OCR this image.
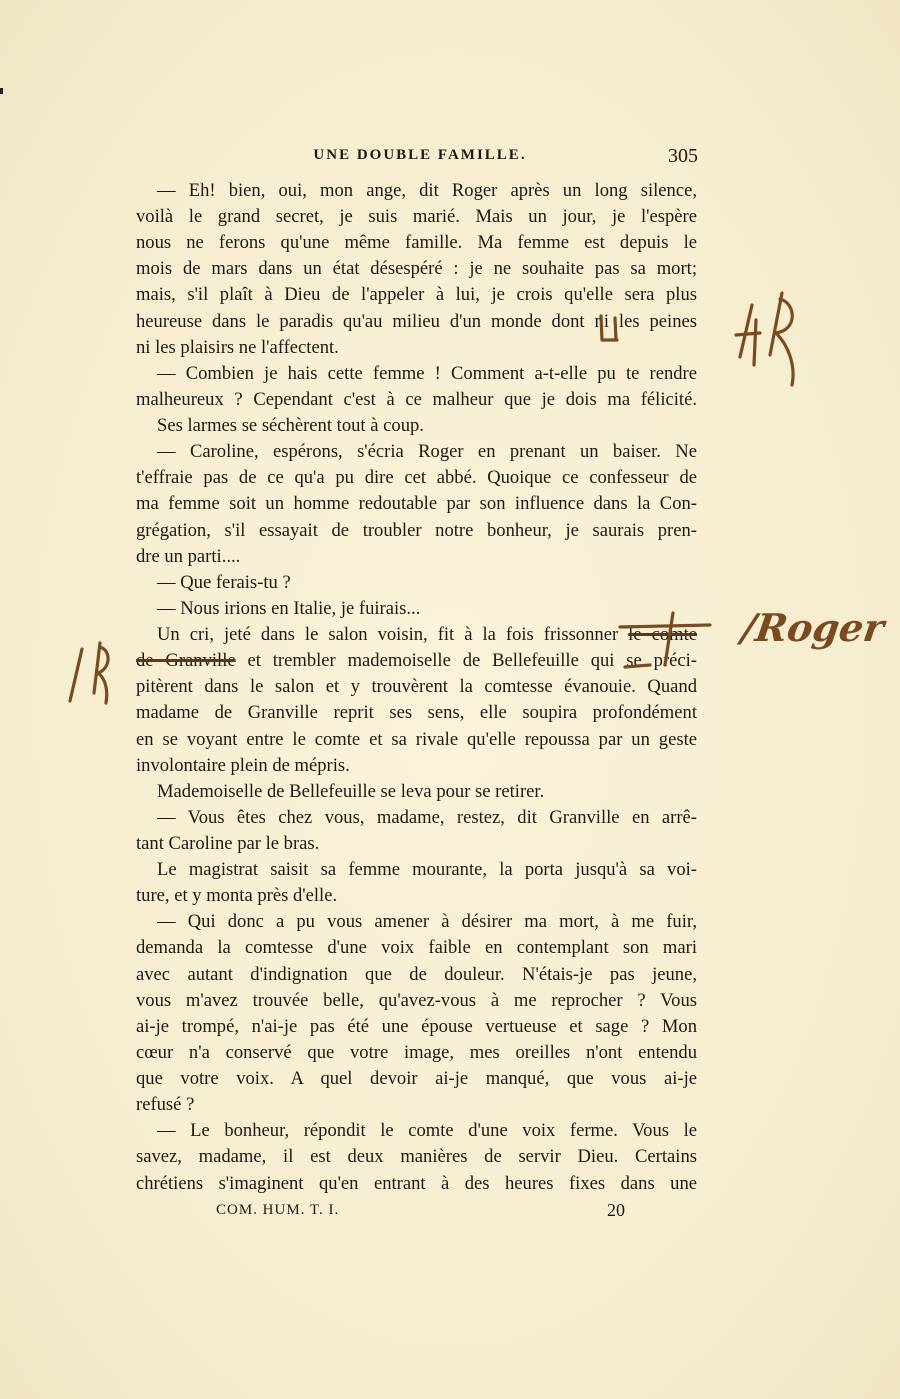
UNE DOUBLE FAMILLE.	305
— Eh! bien, oui, mon ange, dit Roger après un long silence,
voilà le grand secret, je suis marié. Mais un jour, je l'espère
nous ne ferons qu'une même famille. Ma femme est depuis le
mois de mars dans un état désespéré : je ne souhaite pas sa mort;
mais, s'il plaît à Dieu de l'appeler à lui, je crois qu'elle sera plus
heureuse dans le paradis qu'au milieu d'un monde dont ni les peines
ni les plaisirs ne l'affectent.
— Combien je hais cette femme ! Comment a-t-elle pu te rendre
malheureux ? Cependant c'est à ce malheur que je dois ma félicité.
Ses larmes se séchèrent tout à coup.
— Caroline, espérons, s'écria Roger en prenant un baiser. Ne
t'effraie pas de ce qu'a pu dire cet abbé. Quoique ce confesseur de
ma femme soit un homme redoutable par son influence dans la Con-
grégation, s'il essayait de troubler notre bonheur, je saurais pren-
dre un parti....
— Que ferais-tu ?
— Nous irions en Italie, je fuirais...
Un cri, jeté dans le salon voisin, fit à la fois frissonner le comte
de Granville et trembler mademoiselle de Bellefeuille qui se préci-
pitèrent dans le salon et y trouvèrent la comtesse évanouie. Quand
madame de Granville reprit ses sens, elle soupira profondément
en se voyant entre le comte et sa rivale qu'elle repoussa par un geste
involontaire plein de mépris.
Mademoiselle de Bellefeuille se leva pour se retirer.
— Vous êtes chez vous, madame, restez, dit Granville en arrê-
tant Caroline par le bras.
Le magistrat saisit sa femme mourante, la porta jusqu'à sa voi-
ture, et y monta près d'elle.
— Qui donc a pu vous amener à désirer ma mort, à me fuir,
demanda la comtesse d'une voix faible en contemplant son mari
avec autant d'indignation que de douleur. N'étais-je pas jeune,
vous m'avez trouvée belle, qu'avez-vous à me reprocher ? Vous
ai-je trompé, n'ai-je pas été une épouse vertueuse et sage ? Mon
cœur n'a conservé que votre image, mes oreilles n'ont entendu
que votre voix. A quel devoir ai-je manqué, que vous ai-je
refusé ?
— Le bonheur, répondit le comte d'une voix ferme. Vous le
savez, madame, il est deux manières de servir Dieu. Certains
chrétiens s'imaginent qu'en entrant à des heures fixes dans une
COM. HUM. T. I.	20
/Roger
